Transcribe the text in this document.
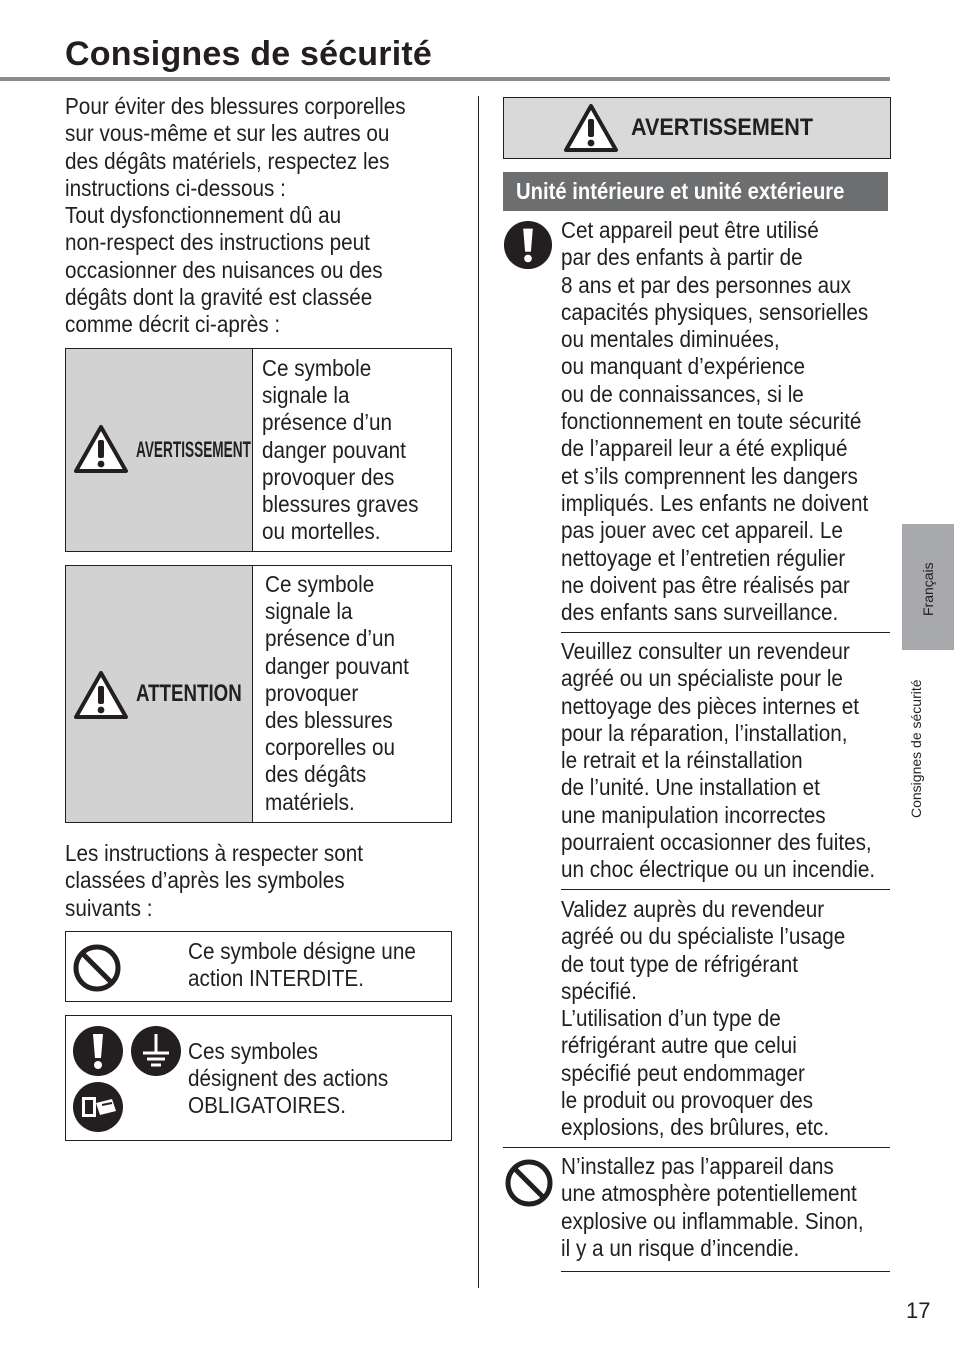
Consignes de sécurité
Pour éviter des blessures corporelles
sur vous-même et sur les autres ou
des dégâts matériels, respectez les
instructions ci-dessous :
Tout dysfonctionnement dû au
non-respect des instructions peut
occasionner des nuisances ou des
dégâts dont la gravité est classée
comme décrit ci-après :
AVERTISSEMENT
Ce symbole
signale la
présence d’un
danger pouvant
provoquer des
blessures graves
ou mortelles.
ATTENTION
Ce symbole
signale la
présence d’un
danger pouvant
provoquer
des blessures
corporelles ou
des dégâts
matériels.
Les instructions à respecter sont
classées d’après les symboles
suivants :
Ce symbole désigne une
action INTERDITE.
Ces symboles
désignent des actions
OBLIGATOIRES.
AVERTISSEMENT
Unité intérieure et unité extérieure
Cet appareil peut être utilisé
par des enfants à partir de
8 ans et par des personnes aux
capacités physiques, sensorielles
ou mentales diminuées,
ou manquant d’expérience
ou de connaissances, si le
fonctionnement en toute sécurité
de l’appareil leur a été expliqué
et s’ils comprennent les dangers
impliqués. Les enfants ne doivent
pas jouer avec cet appareil. Le
nettoyage et l’entretien régulier
ne doivent pas être réalisés par
des enfants sans surveillance.
Veuillez consulter un revendeur
agréé ou un spécialiste pour le
nettoyage des pièces internes et
pour la réparation, l’installation,
le retrait et la réinstallation
de l’unité. Une installation et
une manipulation incorrectes
pourraient occasionner des fuites,
un choc électrique ou un incendie.
Validez auprès du revendeur
agréé ou du spécialiste l’usage
de tout type de réfrigérant
spécifié.
L’utilisation d’un type de
réfrigérant autre que celui
spécifié peut endommager
le produit ou provoquer des
explosions, des brûlures, etc.
N’installez pas l’appareil dans
une atmosphère potentiellement
explosive ou inflammable. Sinon,
il y a un risque d’incendie.
Français
Consignes de sécurité
17
